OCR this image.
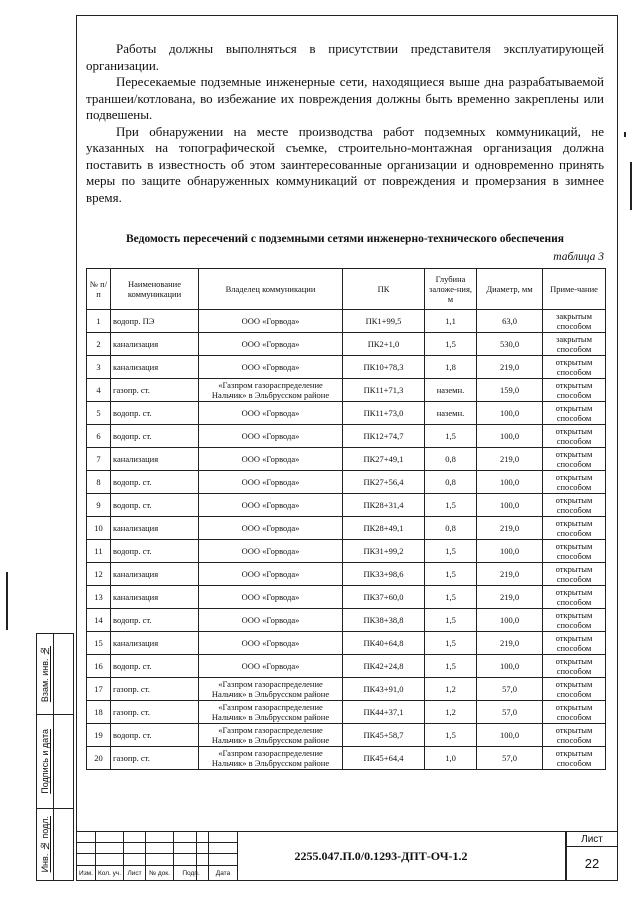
Работы должны выполняться в присутствии представителя эксплуатирующей организации.

Пересекаемые подземные инженерные сети, находящиеся выше дна разрабатываемой траншеи/котлована, во избежание их повреждения должны быть временно закреплены или подвешены.

При обнаружении на месте производства работ подземных коммуникаций, не указанных на топографической съемке, строительно-монтажная организация должна поставить в известность об этом заинтересованные организации и одновременно принять меры по защите обнаруженных коммуникаций от повреждения и промерзания в зимнее время.

Ведомость пересечений с подземными сетями инженерно-технического обеспечения
таблица 3
№ п/п	Наименование коммуникации	Владелец коммуникации	ПК	Глубина заложе-ния, м	Диаметр, мм	Приме-чание
1	водопр. ПЭ	ООО «Горвода»	ПК1+99,5	1,1	63,0	закрытым способом
2	канализация	ООО «Горвода»	ПК2+1,0	1,5	530,0	закрытым способом
3	канализация	ООО «Горвода»	ПК10+78,3	1,8	219,0	открытым способом
4	газопр. ст.	«Газпром газораспределение Нальчик» в Эльбрусском районе	ПК11+71,3	наземн.	159,0	открытым способом
5	водопр. ст.	ООО «Горвода»	ПК11+73,0	наземн.	100,0	открытым способом
6	водопр. ст.	ООО «Горвода»	ПК12+74,7	1,5	100,0	открытым способом
7	канализация	ООО «Горвода»	ПК27+49,1	0,8	219,0	открытым способом
8	водопр. ст.	ООО «Горвода»	ПК27+56,4	0,8	100,0	открытым способом
9	водопр. ст.	ООО «Горвода»	ПК28+31,4	1,5	100,0	открытым способом
10	канализация	ООО «Горвода»	ПК28+49,1	0,8	219,0	открытым способом
11	водопр. ст.	ООО «Горвода»	ПК31+99,2	1,5	100,0	открытым способом
12	канализация	ООО «Горвода»	ПК33+98,6	1,5	219,0	открытым способом
13	канализация	ООО «Горвода»	ПК37+60,0	1,5	219,0	открытым способом
14	водопр. ст.	ООО «Горвода»	ПК38+38,8	1,5	100,0	открытым способом
15	канализация	ООО «Горвода»	ПК40+64,8	1,5	219,0	открытым способом
16	водопр. ст.	ООО «Горвода»	ПК42+24,8	1,5	100,0	открытым способом
17	газопр. ст.	«Газпром газораспределение Нальчик» в Эльбрусском районе	ПК43+91,0	1,2	57,0	открытым способом
18	газопр. ст.	«Газпром газораспределение Нальчик» в Эльбрусском районе	ПК44+37,1	1,2	57,0	открытым способом
19	водопр. ст.	«Газпром газораспределение Нальчик» в Эльбрусском районе	ПК45+58,7	1,5	100,0	открытым способом
20	газопр. ст.	«Газпром газораспределение Нальчик» в Эльбрусском районе	ПК45+64,4	1,0	57,0	открытым способом
Взам. инв. №
Подпись и дата
Инв. № подл.
Изм. Кол. уч. Лист	№ док.	Подп.	Дата
2255.047.П.0/0.1293-ДПТ-ОЧ-1.2
Лист
22
